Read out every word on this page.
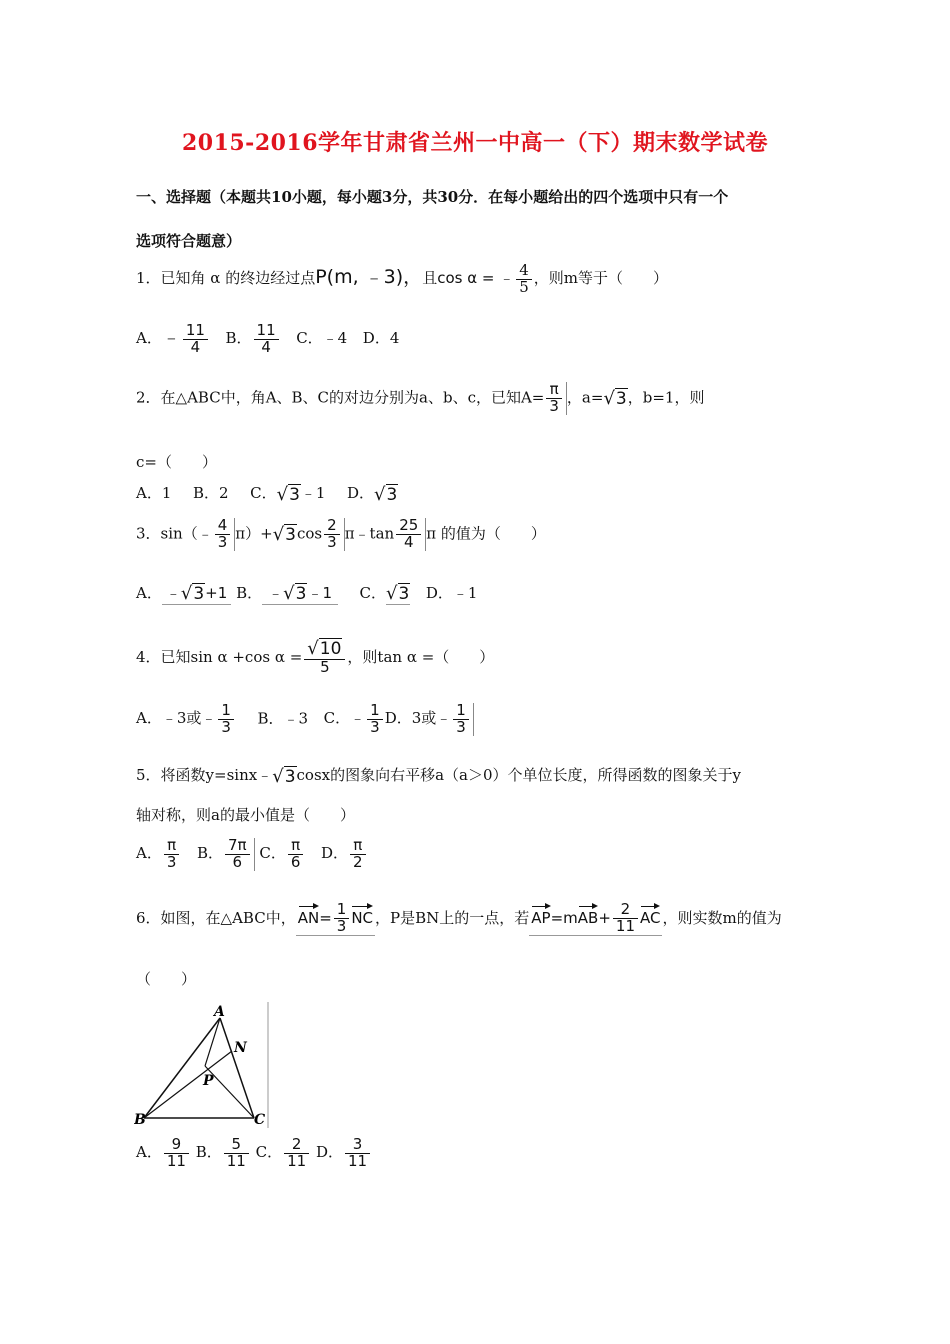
2015-2016学年甘肃省兰州一中高一（下）期末数学试卷
一、选择题（本题共10小题，每小题3分，共30分．在每小题给出的四个选项中只有一个
选项符合题意）
1．已知角 α 的终边经过点P(m, ﹣3)，且cos α = ﹣ $\frac{4}{5}$ ，则m等于（　　）
A．﹣ $\frac{11}{4}$ B． $\frac{11}{4}$ C．﹣4 D．4
2．在△ABC中，角A、B、C的对边分别为a、b、c，已知$A= \frac{\pi}{3}$ ，a=√3，b=1，则
c=（　　）
A．1 B．2 C．√3﹣1 D．√3
3．sin（﹣ $\frac{4}{3} \pi)+√3\cos \frac{2}{3}$ π﹣tan $\frac{25}{4}$ π 的值为（　　）
A． ﹣√3+1 B． ﹣√3﹣1 C．√3 D．﹣1
4．已知sin α +cos $\alpha = \frac{√10}{5}$ ，则tan α =（　　）
A．﹣3或﹣ $\frac{1}{3}$ B．﹣3 C．﹣ $\frac{1}{3}$ D．3或﹣ $\frac{1}{3}$
5．将函数y=sinx﹣√3cosx的图象向右平移a（a＞0）个单位长度，所得函数的图象关于y
轴对称，则a的最小值是（　　）
A． $\frac{\pi}{3}$ B． $\frac{7\pi}{6}$ C． $\frac{\pi}{6}$ D． $\frac{\pi}{2}$
6．如图，在△ABC中， $AN= \frac{1}{3}$ NC ，P是BN上的一点，若 $AP=mAB+ \frac{2}{11}$ AC ，则实数m的值为
（　　）
A
N
P
B	C
A． $\frac{9}{11}$ B． $\frac{5}{11}$ C． $\frac{2}{11}$ D． $\frac{3}{11}$
